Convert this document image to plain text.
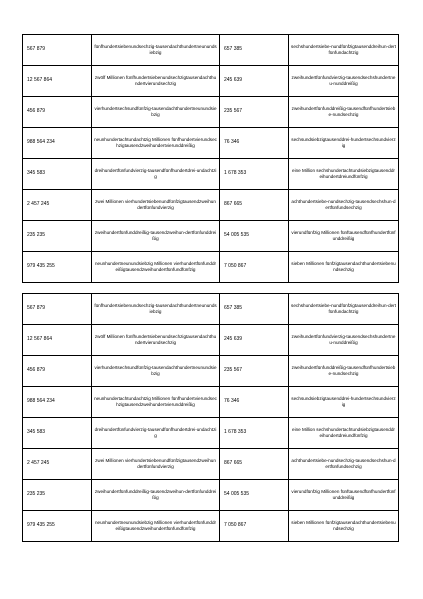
567 879	fünfhundertsiebenundsechzig-tausendachthundertneunundsiebzig	657 385	sechshundertsiebe-nundfünfzigtausenddreihun-dertfünfundachtzig
12 567 864	zwölf Millionen fünfhundertsiebenundsechzigtausendachthundertvierundsechzig	245 639	zweihundertfünfundvierzig-tausendsechshundertneu-nunddreißig
456 879	vierhundertsechsundfünfzig-tausendachthundertneunundsiebzig	235 567	zweihundertfünfunddreißig-tausendfünfhundertsiebe-nundsechzig
988 564 234	neunhundertachtundachtzig Millionen fünfhundertvierundsechzigtausendzweihundertvierunddreißig	76 346	sechsundsiebzigtausenddrei-hundertsechsundvierzig
345 583	dreihundertfünfundvierzig-tausendfünfhundertdrei-undachtzig	1 678 353	eine Million sechshundertachtundsiebzigtausenddreihundertdreiundfünfzig
2 457 245	zwei Millionen vierhundertsiebenundfünfzigtausendzweihundertfünfundvierzig	867 665	achthundertsiebe-nundsechzig-tausendsechshun-dertfünfundsechzig
235 235	zweihundertfünfunddreißig-tausendzweihun-dertfünfunddreißig	54 005 535	vierundfünfzig Millionen fünftausendfünfhundertfünfunddreißig
979 435 255	neunhundertneunundsiebzig Millionen vierhundertfünfunddreißigtausendzweihundertfünfundfünfzig	7 050 867	sieben Millionen fünfzigtausendachthundertsiebenundsechzig
567 879	fünfhundertsiebenundsechzig-tausendachthundertneunundsiebzig	657 385	sechshundertsiebe-nundfünfzigtausenddreihun-dertfünfundachtzig
12 567 864	zwölf Millionen fünfhundertsiebenundsechzigtausendachthundertvierundsechzig	245 639	zweihundertfünfundvierzig-tausendsechshundertneu-nunddreißig
456 879	vierhundertsechsundfünfzig-tausendachthundertneunundsiebzig	235 567	zweihundertfünfunddreißig-tausendfünfhundertsiebe-nundsechzig
988 564 234	neunhundertachtundachtzig Millionen fünfhundertvierundsechzigtausendzweihundertvierunddreißig	76 346	sechsundsiebzigtausenddrei-hundertsechsundvierzig
345 583	dreihundertfünfundvierzig-tausendfünfhundertdrei-undachtzig	1 678 353	eine Million sechshundertachtundsiebzigtausenddreihundertdreiundfünfzig
2 457 245	zwei Millionen vierhundertsiebenundfünfzigtausendzweihundertfünfundvierzig	867 665	achthundertsiebe-nundsechzig-tausendsechshun-dertfünfundsechzig
235 235	zweihundertfünfunddreißig-tausendzweihun-dertfünfunddreißig	54 005 535	vierundfünfzig Millionen fünftausendfünfhundertfünfunddreißig
979 435 255	neunhundertneunundsiebzig Millionen vierhundertfünfunddreißigtausendzweihundertfünfundfünfzig	7 050 867	sieben Millionen fünfzigtausendachthundertsiebenundsechzig
